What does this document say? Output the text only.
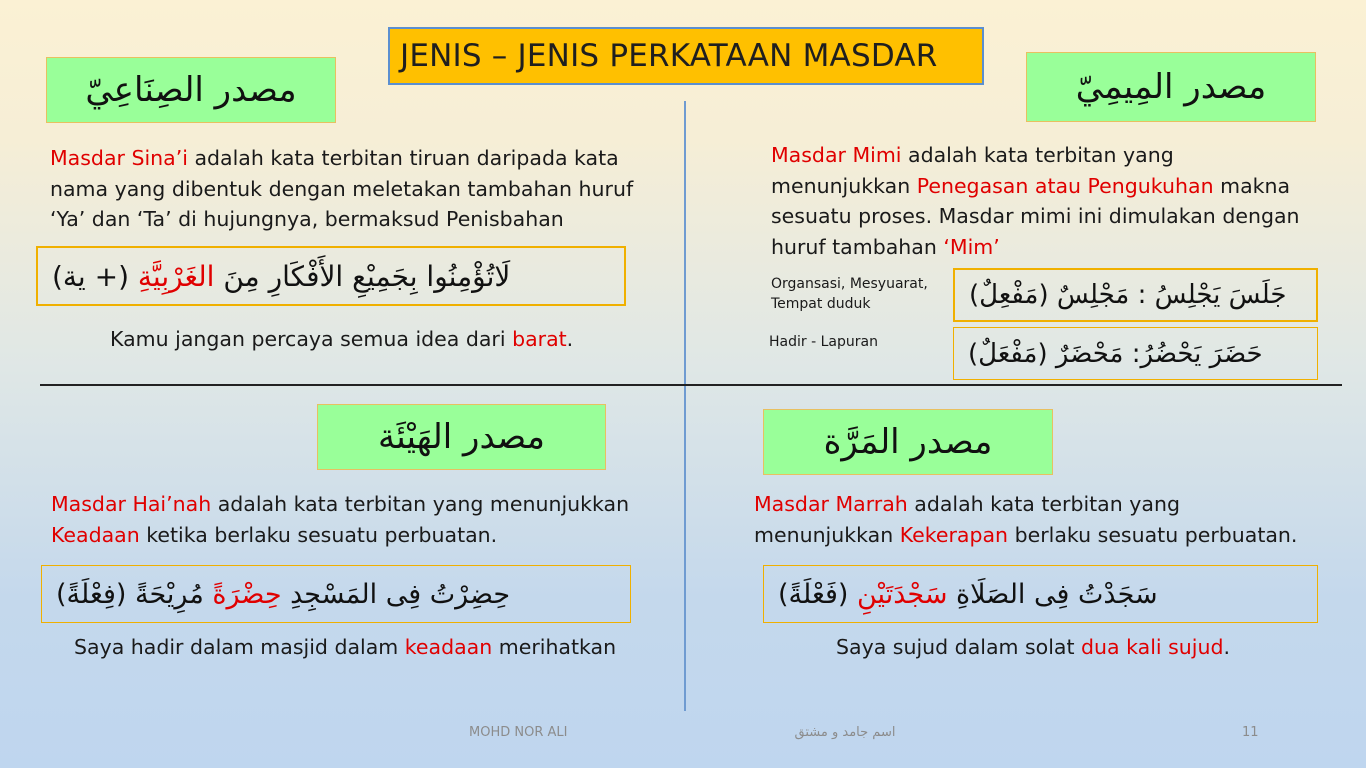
JENIS – JENIS PERKATAAN MASDAR
مصدر الصِنَاعِيّ
Masdar Sina’i adalah kata terbitan tiruan daripada kata
nama yang dibentuk dengan meletakan tambahan huruf
‘Ya’ dan ‘Ta’ di hujungnya, bermaksud Penisbahan
لَاتُؤْمِنُوا بِجَمِيْعِ الأَفْكَارِ مِنَ الغَرْبِيَّةِ (+ ية)
Kamu jangan percaya semua idea dari barat.
مصدر المِيمِيّ
Masdar Mimi adalah kata terbitan yang
menunjukkan Penegasan atau Pengukuhan makna
sesuatu proses. Masdar mimi ini dimulakan dengan
huruf tambahan ‘Mim’
Organsasi, Mesyuarat,
Tempat duduk	جَلَسَ يَجْلِسُ : مَجْلِسٌ (مَفْعِلٌ)
Hadir - Lapuran	حَضَرَ يَحْضُرُ: مَحْضَرٌ (مَفْعَلٌ)
مصدر الهَيْئَة
Masdar Hai’nah adalah kata terbitan yang menunjukkan
Keadaan ketika berlaku sesuatu perbuatan.
حِضِرْتُ فِى المَسْجِدِ حِضْرَةً مُرِيْحَةً (فِعْلَةً)
Saya hadir dalam masjid dalam keadaan merihatkan
مصدر المَرَّة
Masdar Marrah adalah kata terbitan yang
menunjukkan Kekerapan berlaku sesuatu perbuatan.
سَجَدْتُ فِى الصَلَاةِ سَجْدَتَيْنِ (فَعْلَةً)
Saya sujud dalam solat dua kali sujud.
MOHD NOR ALI	اسم جامد و مشتق	11
